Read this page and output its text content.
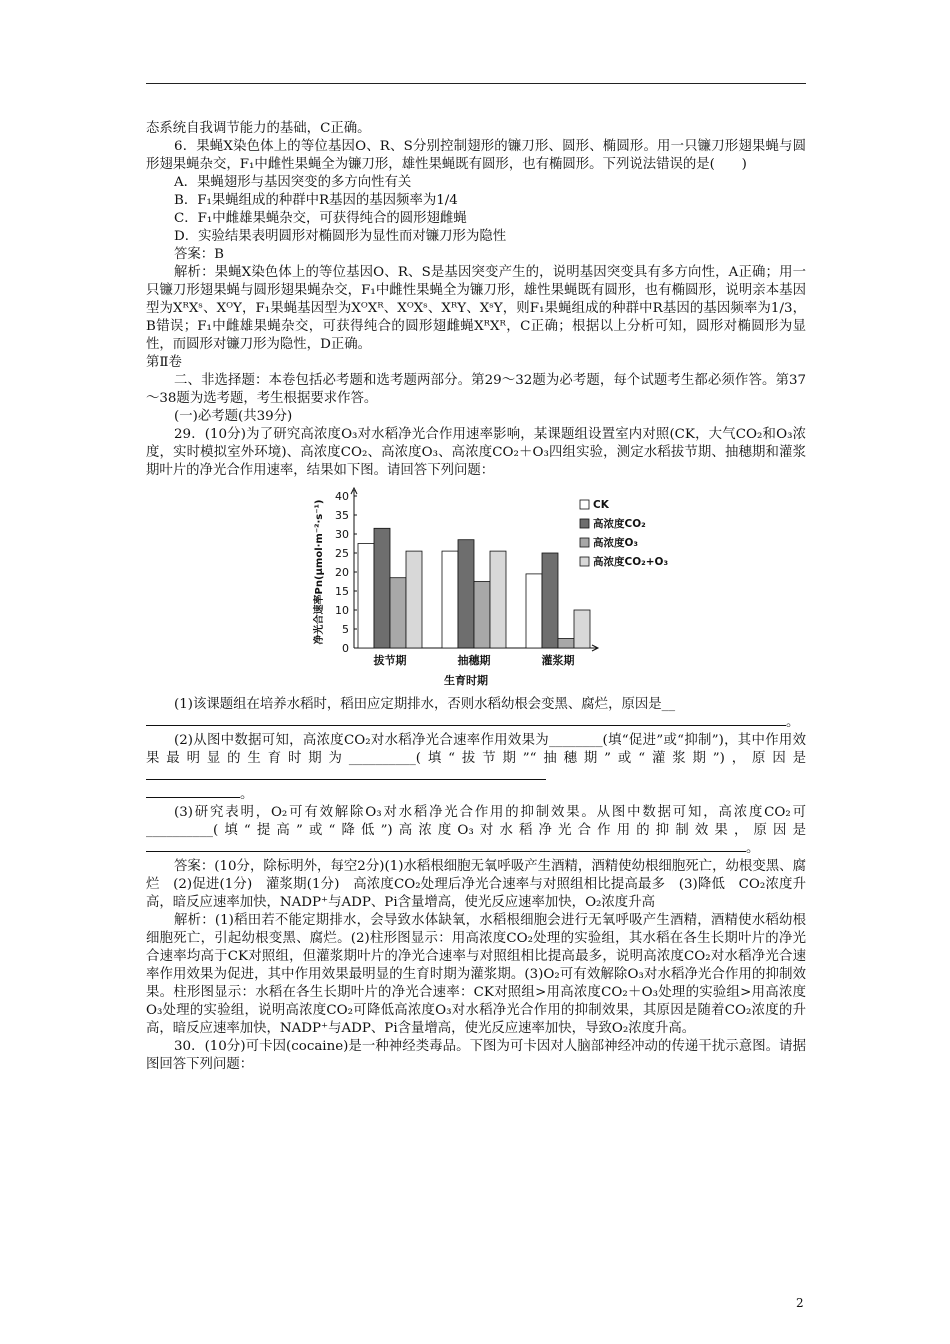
态系统自我调节能力的基础，C正确。

6．果蝇X染色体上的等位基因O、R、S分别控制翅形的镰刀形、圆形、椭圆形。用一只镰刀形翅果蝇与圆形翅果蝇杂交，F₁中雌性果蝇全为镰刀形，雄性果蝇既有圆形，也有椭圆形。下列说法错误的是(　　)

A．果蝇翅形与基因突变的多方向性有关

B．F₁果蝇组成的种群中R基因的基因频率为1/4

C．F₁中雌雄果蝇杂交，可获得纯合的圆形翅雌蝇

D．实验结果表明圆形对椭圆形为显性而对镰刀形为隐性

答案：B

解析：果蝇X染色体上的等位基因O、R、S是基因突变产生的，说明基因突变具有多方向性，A正确；用一只镰刀形翅果蝇与圆形翅果蝇杂交，F₁中雌性果蝇全为镰刀形，雄性果蝇既有圆形，也有椭圆形，说明亲本基因型为XᴿXˢ、XᴼY，F₁果蝇基因型为XᴼXᴿ、XᴼXˢ、XᴿY、XˢY，则F₁果蝇组成的种群中R基因的基因频率为1/3，B错误；F₁中雌雄果蝇杂交，可获得纯合的圆形翅雌蝇XᴿXᴿ，C正确；根据以上分析可知，圆形对椭圆形为显性，而圆形对镰刀形为隐性，D正确。

第Ⅱ卷

二、非选择题：本卷包括必考题和选考题两部分。第29～32题为必考题，每个试题考生都必须作答。第37～38题为选考题，考生根据要求作答。

(一)必考题(共39分)

29．(10分)为了研究高浓度O₃对水稻净光合作用速率影响，某课题组设置室内对照(CK，大气CO₂和O₃浓度，实时模拟室外环境)、高浓度CO₂、高浓度O₃、高浓度CO₂＋O₃四组实验，测定水稻拔节期、抽穗期和灌浆期叶片的净光合作用速率，结果如下图。请回答下列问题：

0
5
10
15
20
25
30
35
40
净光合速率Pn(μmol·m⁻²·s⁻¹)
拔节期	抽穗期	灌浆期
生育时期
CK
高浓度CO₂
高浓度O₃
高浓度CO₂+O₃

(1)该课题组在培养水稻时，稻田应定期排水，否则水稻幼根会变黑、腐烂，原因是__

。

(2)从图中数据可知，高浓度CO₂对水稻净光合速率作用效果为________(填“促进”或“抑制”)，其中作用效果最明显的生育时期为__________(填“拔节期”“抽穗期”或“灌浆期”)，原因是

。

(3)研究表明，O₂可有效解除O₃对水稻净光合作用的抑制效果。从图中数据可知，高浓度CO₂可__________(填“提高”或“降低”)高浓度O₃对水稻净光合作用的抑制效果，原因是。

答案：(10分，除标明外，每空2分)(1)水稻根细胞无氧呼吸产生酒精，酒精使幼根细胞死亡，幼根变黑、腐烂　(2)促进(1分)　灌浆期(1分)　高浓度CO₂处理后净光合速率与对照组相比提高最多　(3)降低　CO₂浓度升高，暗反应速率加快，NADP⁺与ADP、Pi含量增高，使光反应速率加快，O₂浓度升高

解析：(1)稻田若不能定期排水，会导致水体缺氧，水稻根细胞会进行无氧呼吸产生酒精，酒精使水稻幼根细胞死亡，引起幼根变黑、腐烂。(2)柱形图显示：用高浓度CO₂处理的实验组，其水稻在各生长期叶片的净光合速率均高于CK对照组，但灌浆期叶片的净光合速率与对照组相比提高最多，说明高浓度CO₂对水稻净光合速率作用效果为促进，其中作用效果最明显的生育时期为灌浆期。(3)O₂可有效解除O₃对水稻净光合作用的抑制效果。柱形图显示：水稻在各生长期叶片的净光合速率：CK对照组>用高浓度CO₂＋O₃处理的实验组>用高浓度O₃处理的实验组，说明高浓度CO₂可降低高浓度O₃对水稻净光合作用的抑制效果，其原因是随着CO₂浓度的升高，暗反应速率加快，NADP⁺与ADP、Pi含量增高，使光反应速率加快，导致O₂浓度升高。

30．(10分)可卡因(cocaine)是一种神经类毒品。下图为可卡因对人脑部神经冲动的传递干扰示意图。请据图回答下列问题：

2
